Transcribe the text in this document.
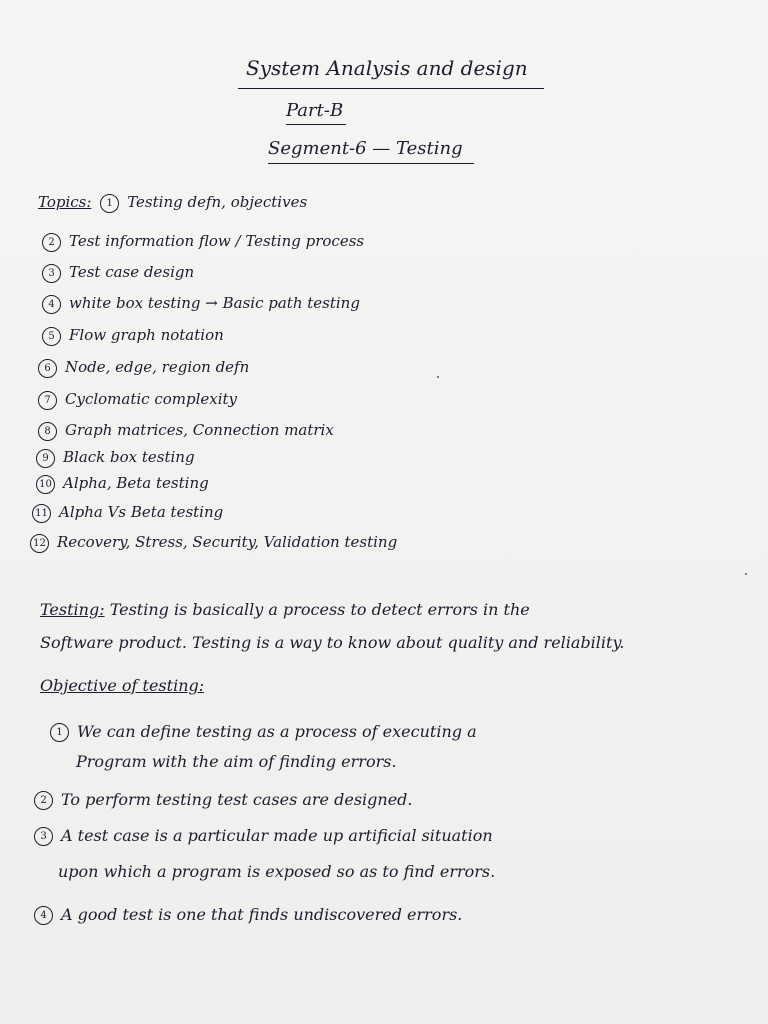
System Analysis and design
Part-B
Segment-6 — Testing
Topics: 1 Testing defn, objectives
2 Test information flow / Testing process
3 Test case design
4 white box testing → Basic path testing
5 Flow graph notation
6 Node, edge, region defn
7 Cyclomatic complexity
8 Graph matrices, Connection matrix
9 Black box testing
10 Alpha, Beta testing
11 Alpha Vs Beta testing
12 Recovery, Stress, Security, Validation testing
Testing: Testing is basically a process to detect errors in the
Software product. Testing is a way to know about quality and reliability.
Objective of testing:
1 We can define testing as a process of executing a
Program with the aim of finding errors.
2 To perform testing test cases are designed.
3 A test case is a particular made up artificial situation
upon which a program is exposed so as to find errors.
4 A good test is one that finds undiscovered errors.
